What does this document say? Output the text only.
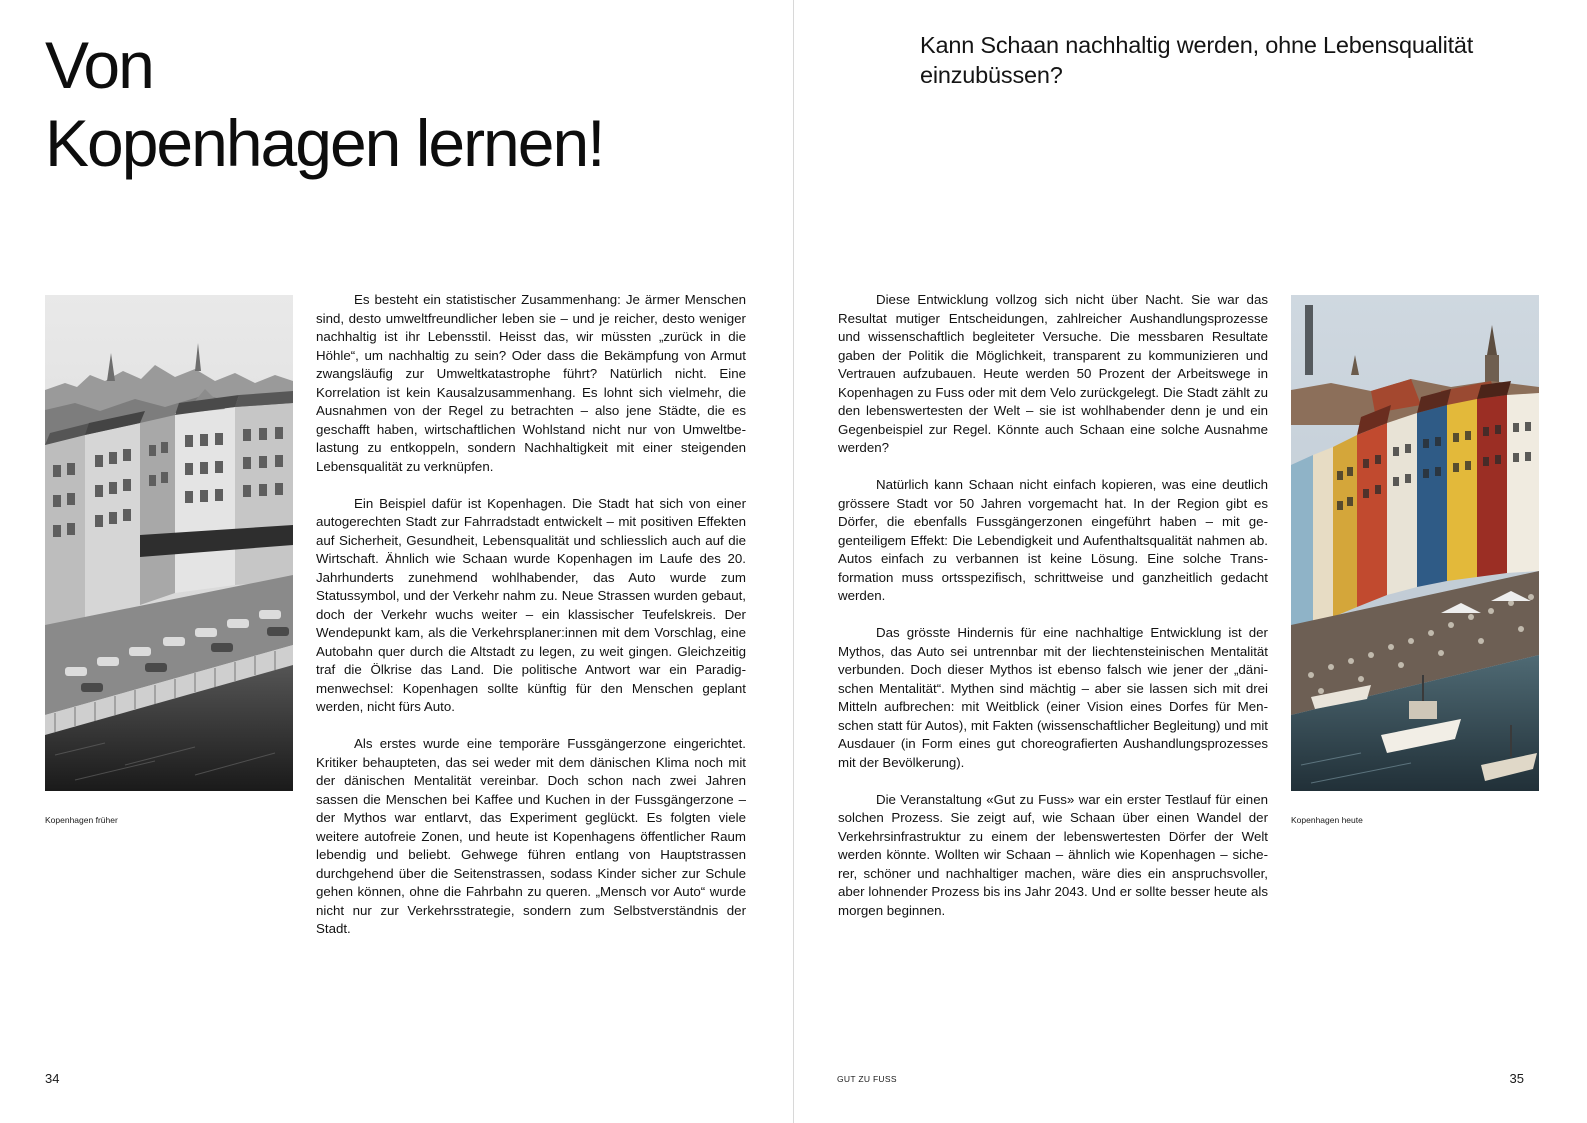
Von
Kopenhagen lernen!

Kopenhagen früher

Es besteht ein statistischer Zusammenhang: Je ärmer Menschen sind, desto umweltfreundlicher leben sie – und je reicher, desto weniger nachhaltig ist ihr Lebensstil. Heisst das, wir müssten „zurück in die Höhle“, um nachhaltig zu sein? Oder dass die Bekämpfung von Armut zwangsläufig zur Umweltkatastrophe führt? Natürlich nicht. Eine Korrelation ist kein Kausalzusammenhang. Es lohnt sich vielmehr, die Ausnahmen von der Regel zu betrachten – also jene Städte, die es geschafft haben, wirtschaftlichen Wohlstand nicht nur von Umweltbelastung zu entkoppeln, sondern Nachhaltigkeit mit einer steigenden Lebensqualität zu verknüpfen.

Ein Beispiel dafür ist Kopenhagen. Die Stadt hat sich von einer autogerechten Stadt zur Fahrradstadt entwickelt – mit positiven Effekten auf Sicherheit, Gesundheit, Lebensqualität und schliesslich auch auf die Wirtschaft. Ähnlich wie Schaan wurde Kopenhagen im Laufe des 20. Jahrhunderts zunehmend wohlhabender, das Auto wurde zum Statussymbol, und der Verkehr nahm zu. Neue Strassen wurden gebaut, doch der Verkehr wuchs weiter – ein klassischer Teufelskreis. Der Wendepunkt kam, als die Verkehrsplaner:innen mit dem Vorschlag, eine Autobahn quer durch die Altstadt zu legen, zu weit gingen. Gleichzeitig traf die Ölkrise das Land. Die politische Antwort war ein Paradigmenwechsel: Kopenhagen sollte künftig für den Menschen geplant werden, nicht fürs Auto.

Als erstes wurde eine temporäre Fussgängerzone eingerichtet. Kritiker behaupteten, das sei weder mit dem dänischen Klima noch mit der dänischen Mentalität vereinbar. Doch schon nach zwei Jahren sassen die Menschen bei Kaffee und Kuchen in der Fussgängerzone – der Mythos war entlarvt, das Experiment geglückt. Es folgten viele weitere autofreie Zonen, und heute ist Kopenhagens öffentlicher Raum lebendig und beliebt. Gehwege führen entlang von Hauptstrassen durchgehend über die Seitenstrassen, sodass Kinder sicher zur Schule gehen können, ohne die Fahrbahn zu queren. „Mensch vor Auto“ wurde nicht nur zur Verkehrsstrategie, sondern zum Selbstverständnis der Stadt.

34

Kann Schaan nachhaltig werden, ohne Lebensqualität einzubüssen?

Diese Entwicklung vollzog sich nicht über Nacht. Sie war das Resultat mutiger Entscheidungen, zahlreicher Aushandlungsprozesse und wissenschaftlich begleiteter Versuche. Die messbaren Resultate gaben der Politik die Möglichkeit, transparent zu kommunizieren und Vertrauen aufzubauen. Heute werden 50 Prozent der Arbeitswege in Kopenhagen zu Fuss oder mit dem Velo zurückgelegt. Die Stadt zählt zu den lebenswertesten der Welt – sie ist wohlhabender denn je und ein Gegenbeispiel zur Regel. Könnte auch Schaan eine solche Ausnahme werden?

Natürlich kann Schaan nicht einfach kopieren, was eine deutlich grössere Stadt vor 50 Jahren vorgemacht hat. In der Region gibt es Dörfer, die ebenfalls Fussgängerzonen eingeführt haben – mit gegenteiligem Effekt: Die Lebendigkeit und Aufenthaltsqualität nahmen ab. Autos einfach zu verbannen ist keine Lösung. Eine solche Transformation muss ortsspezifisch, schrittweise und ganzheitlich gedacht werden.

Das grösste Hindernis für eine nachhaltige Entwicklung ist der Mythos, das Auto sei untrennbar mit der liechtensteinischen Mentalität verbunden. Doch dieser Mythos ist ebenso falsch wie jener der „dänischen Mentalität“. Mythen sind mächtig – aber sie lassen sich mit drei Mitteln aufbrechen: mit Weitblick (einer Vision eines Dorfes für Menschen statt für Autos), mit Fakten (wissenschaftlicher Begleitung) und mit Ausdauer (in Form eines gut choreografierten Aushandlungsprozesses mit der Bevölkerung).

Die Veranstaltung «Gut zu Fuss» war ein erster Testlauf für einen solchen Prozess. Sie zeigt auf, wie Schaan über einen Wandel der Verkehrsinfrastruktur zu einem der lebenswertesten Dörfer der Welt werden könnte. Wollten wir Schaan – ähnlich wie Kopenhagen – sicherer, schöner und nachhaltiger machen, wäre dies ein anspruchsvoller, aber lohnender Prozess bis ins Jahr 2043. Und er sollte besser heute als morgen beginnen.

Kopenhagen heute

GUT ZU FUSS	35
